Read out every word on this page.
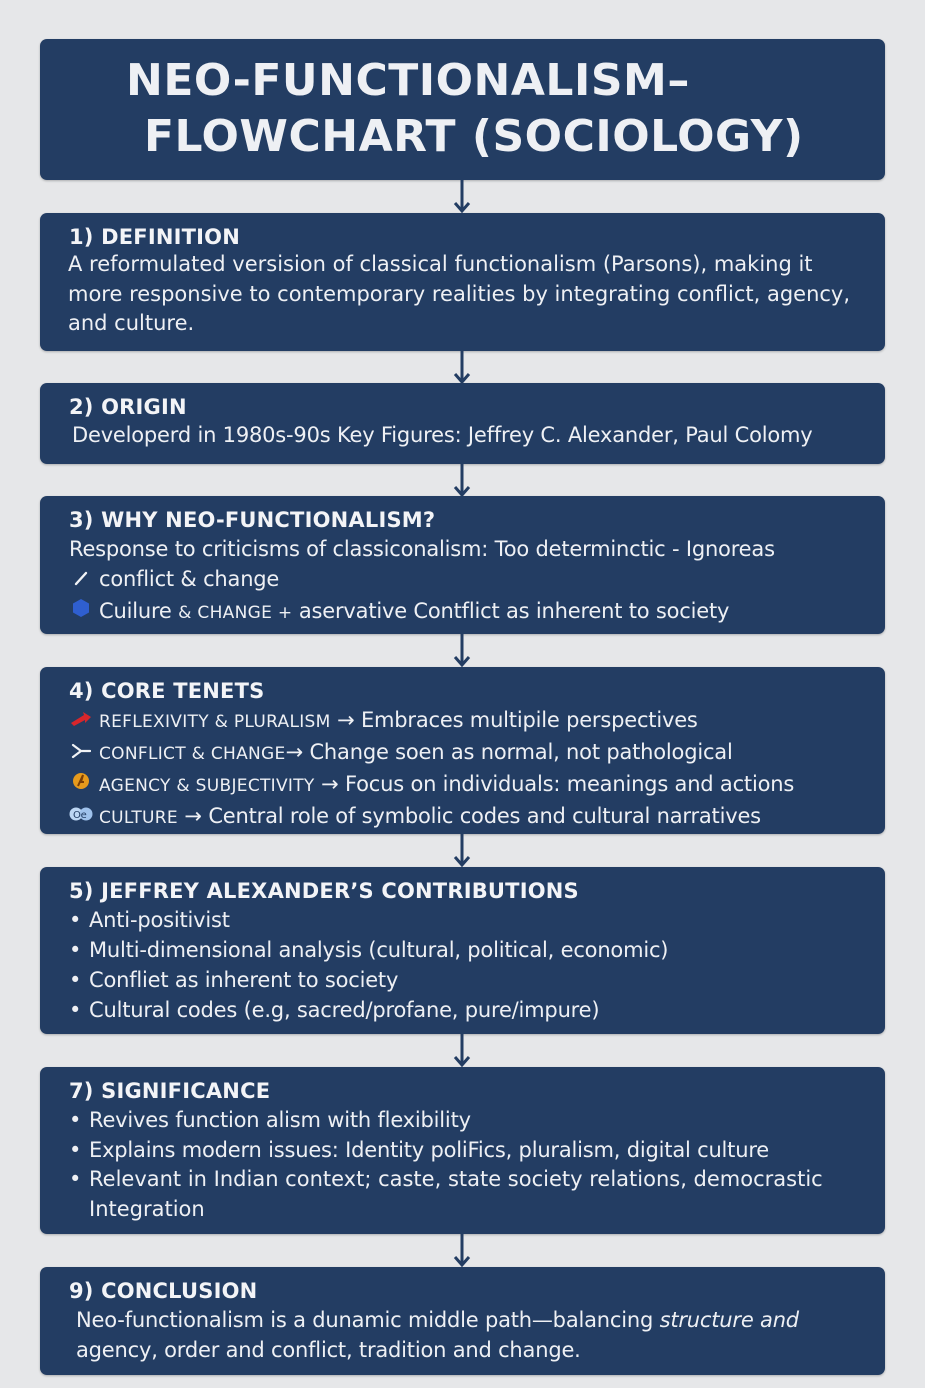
NEO-FUNCTIONALISM–
FLOWCHART (SOCIOLOGY)
1) DEFINITION
A reformulated versision of classical functionalism (Parsons), making it more responsive to contemporary realities by integrating conflict, agency, and culture.
2) ORIGIN
Developerd in 1980s-90s Key Figures: Jeffrey C. Alexander, Paul Colomy
3) WHY NEO-FUNCTIONALISM?
Response to criticisms of classiconalism: Too determinctic - Ignoreas
conflict & change
Cuilure & CHANGE + aservative Contflict as inherent to society
4) CORE TENETS
REFLEXIVITY & PLURALISM → Embraces multipile perspectives
CONFLICT & CHANGE→ Change soen as normal, not pathological
AGENCY & SUBJECTIVITY → Focus on individuals: meanings and actions
Oe CULTURE → Central role of symbolic codes and cultural narratives
5) JEFFREY ALEXANDER’S CONTRIBUTIONS
• Anti-positivist
• Multi-dimensional analysis (cultural, political, economic)
• Confliet as inherent to society
• Cultural codes (e.g, sacred/profane, pure/impure)
7) SIGNIFICANCE
• Revives function alism with flexibility
• Explains modern issues: Identity poliFics, pluralism, digital culture
• Relevant in Indian context; caste, state society relations, democrastic Integration
9) CONCLUSION
Neo-functionalism is a dunamic middle path—balancing structure and
agency, order and conflict, tradition and change.
